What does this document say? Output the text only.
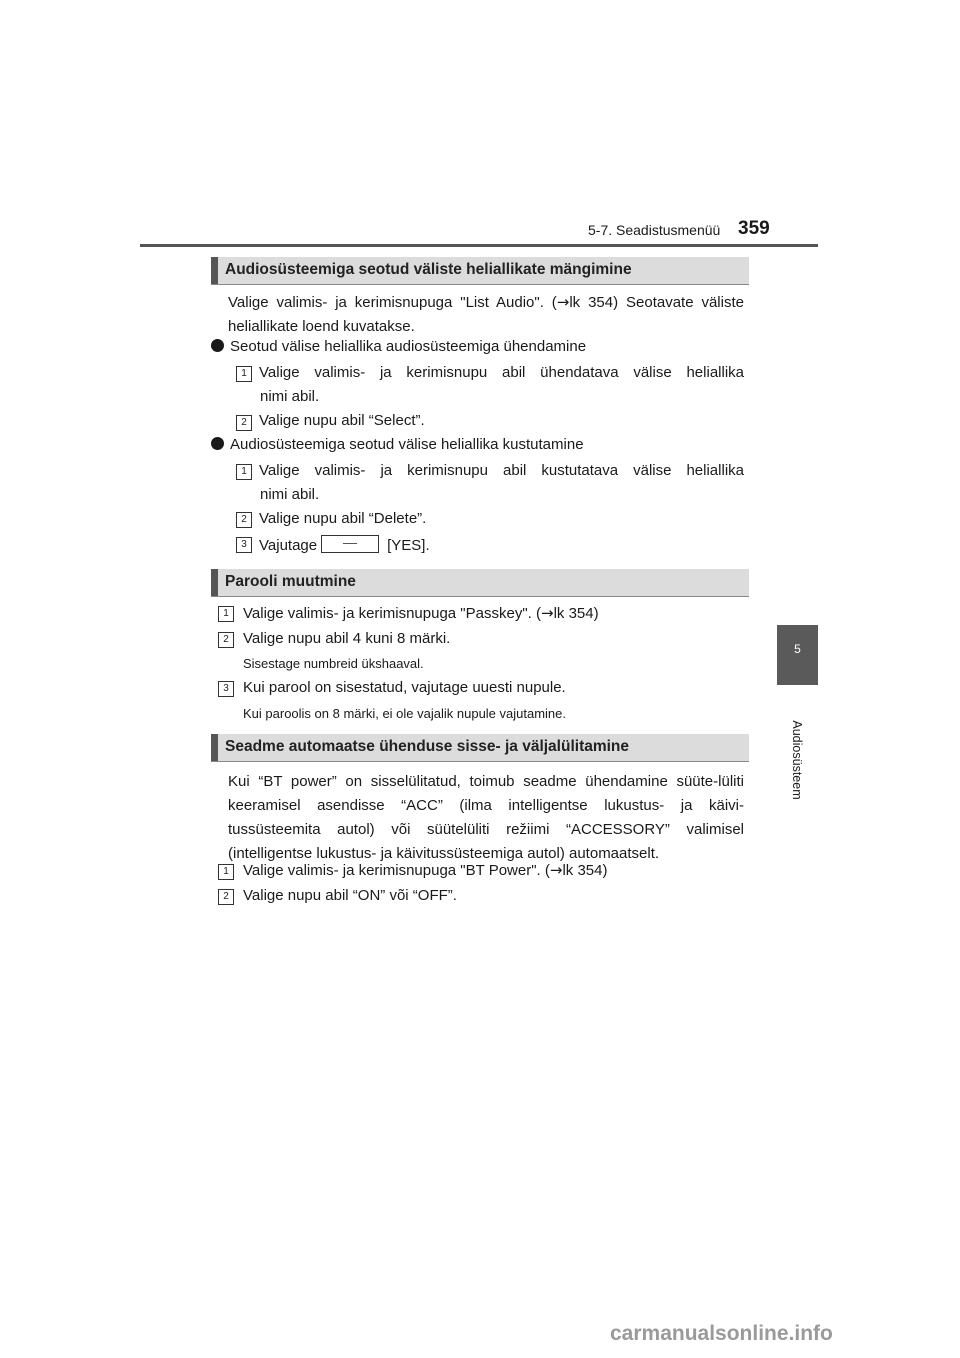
5-7. Seadistusmenüü 359
5
Audiosüsteem
Audiosüsteemiga seotud väliste heliallikate mängimine
Valige valimis- ja kerimisnupuga "List Audio". (→lk 354) Seotavate väliste heliallikate loend kuvatakse.
Seotud välise heliallika audiosüsteemiga ühendamine
1 Valige valimis- ja kerimisnupu abil ühendatava välise heliallika
nimi abil.
2 Valige nupu abil “Select”.
Audiosüsteemiga seotud välise heliallika kustutamine
1 Valige valimis- ja kerimisnupu abil kustutatava välise heliallika
nimi abil.
2 Valige nupu abil “Delete”.
3 Vajutage	[YES].
Parooli muutmine
1 Valige valimis- ja kerimisnupuga "Passkey". (→lk 354)
2 Valige nupu abil 4 kuni 8 märki.
Sisestage numbreid ükshaaval.
3 Kui parool on sisestatud, vajutage uuesti nupule.
Kui paroolis on 8 märki, ei ole vajalik nupule vajutamine.
Seadme automaatse ühenduse sisse- ja väljalülitamine
Kui “BT power” on sisselülitatud, toimub seadme ühendamine süüte-lüliti keeramisel asendisse “ACC” (ilma intelligentse lukustus- ja käivi-tussüsteemita autol) või süütelüliti režiimi “ACCESSORY” valimisel (intelligentse lukustus- ja käivitussüsteemiga autol) automaatselt.
1 Valige valimis- ja kerimisnupuga "BT Power". (→lk 354)
2 Valige nupu abil “ON” või “OFF”.
carmanualsonline.info
